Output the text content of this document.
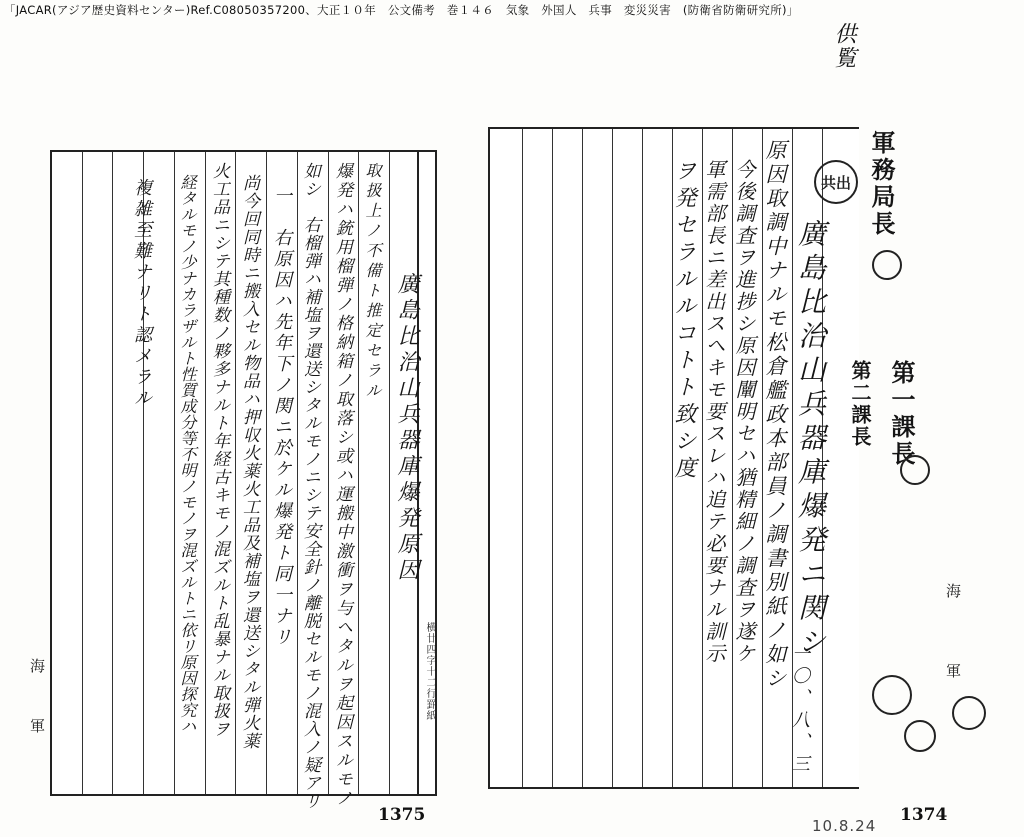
「JACAR(アジア歴史資料センター)Ref.C08050357200、大正１０年　公文備考　巻１４６　気象　外国人　兵事　変災災害　(防衛省防衛研究所)」
供覧
廣島比治山兵器庫爆発原因
取扱上ノ不備ト推定セラル
爆発ハ銃用榴弾ノ格納箱ノ取落シ或ハ運搬中激衝ヲ与ヘタルヲ起因スルモノ
如シ　右榴弾ハ補塩ヲ還送シタルモノニシテ安全針ノ離脱セルモノ混入ノ疑アリ
一　右原因ハ先年下ノ関ニ於ケル爆発ト同一ナリ
尚今回同時ニ搬入セル物品ハ押収火薬火工品及補塩ヲ還送シタル弾火薬
火工品ニシテ其種数ノ夥多ナルト年経古キモノ混ズルト乱暴ナル取扱ヲ
経タルモノ少ナカラザルト性質成分等不明ノモノヲ混ズルトニ依リ原因探究ハ
複雑至難ナリト認メラル
横廿四字十二行罫紙
海
軍
1375
原因取調中ナルモ松倉艦政本部員ノ調書別紙ノ如シ
今後調査ヲ進捗シ原因闡明セハ猶精細ノ調査ヲ遂ケ
軍需部長ニ差出スヘキモ要スレハ追テ必要ナル訓示
ヲ発セラルルコトト致シ度	廣島比治山兵器庫爆発ニ関シ
一〇、八、三
軍務局長
第一課長
第二課長
共出
海
軍
1374
10.8.24
